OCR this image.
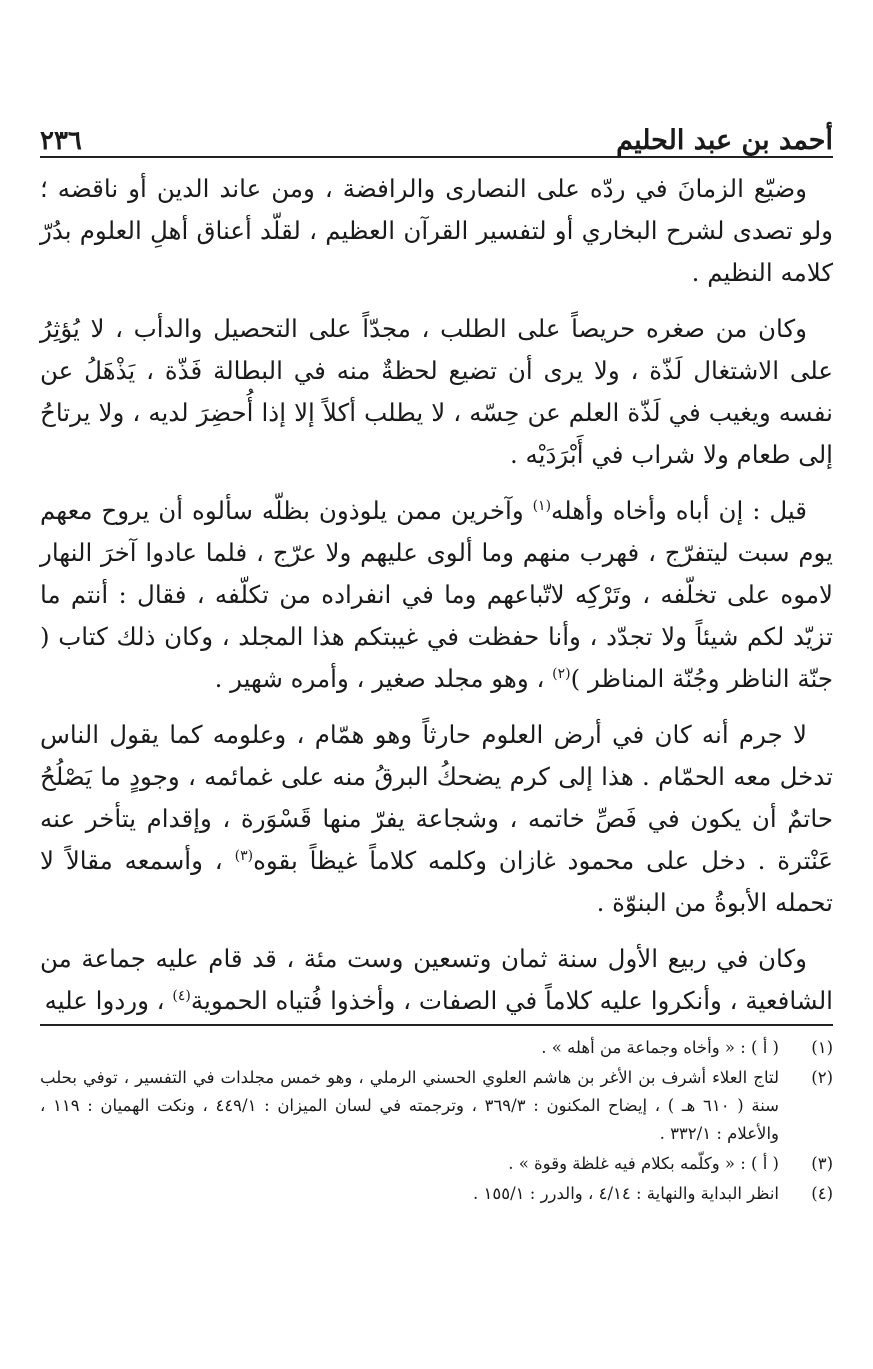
أحمد بن عبد الحليم
٢٣٦
وضيّع الزمانَ في ردّه على النصارى والرافضة ، ومن عاند الدين أو ناقضه ؛ ولو تصدى لشرح البخاري أو لتفسير القرآن العظيم ، لقلّد أعناق أهلِ العلوم بدُرّ كلامه النظيم .
وكان من صغره حريصاً على الطلب ، مجدّاً على التحصيل والدأب ، لا يُؤثِرُ على الاشتغال لَذّة ، ولا يرى أن تضيع لحظةٌ منه في البطالة فَذّة ، يَذْهَلُ عن نفسه ويغيب في لَذّة العلم عن حِسّه ، لا يطلب أكلاً إلا إذا أُحضِرَ لديه ، ولا يرتاحُ إلى طعام ولا شراب في أَبْرَدَيْه .
قيل : إن أباه وأخاه وأهله$^{(١)}$ وآخرين ممن يلوذون بظلّه سألوه أن يروح معهم يوم سبت ليتفرّج ، فهرب منهم وما ألوى عليهم ولا عرّج ، فلما عادوا آخرَ النهار لاموه على تخلّفه ، وتَرْكِه لاتّباعهم وما في انفراده من تكلّفه ، فقال : أنتم ما تزيّد لكم شيئاً ولا تجدّد ، وأنا حفظت في غيبتكم هذا المجلد ، وكان ذلك كتاب ( جنّة الناظر وجُنّة المناظر )$^{(٢)}$ ، وهو مجلد صغير ، وأمره شهير .
لا جرم أنه كان في أرض العلوم حارثاً وهو همّام ، وعلومه كما يقول الناس تدخل معه الحمّام . هذا إلى كرم يضحكُ البرقُ منه على غمائمه ، وجودٍ ما يَصْلُحُ حاتمٌ أن يكون في فَصِّ خاتمه ، وشجاعة يفرّ منها قَسْوَرة ، وإقدام يتأخر عنه عَنْترة . دخل على محمود غازان وكلمه كلاماً غيظاً بقوه$^{(٣)}$ ، وأسمعه مقالاً لا تحمله الأبوةُ من البنوّة .
وكان في ربيع الأول سنة ثمان وتسعين وست مئة ، قد قام عليه جماعة من الشافعية ، وأنكروا عليه كلاماً في الصفات ، وأخذوا فُتياه الحموية$^{(٤)}$ ، وردوا عليه
(١)
( أ ) : « وأخاه وجماعة من أهله » .
(٢)
لتاج العلاء أشرف بن الأغر بن هاشم العلوي الحسني الرملي ، وهو خمس مجلدات في التفسير ، توفي بحلب سنة ( ٦١٠ هـ ) ، إيضاح المكنون : ٣٦٩/٣ ، وترجمته في لسان الميزان : ٤٤٩/١ ، ونكت الهميان : ١١٩ ، والأعلام : ٣٣٢/١ .
(٣)
( أ ) : « وكلّمه بكلام فيه غلظة وقوة » .
(٤)
انظر البداية والنهاية : ٤/١٤ ، والدرر : ١٥٥/١ .
